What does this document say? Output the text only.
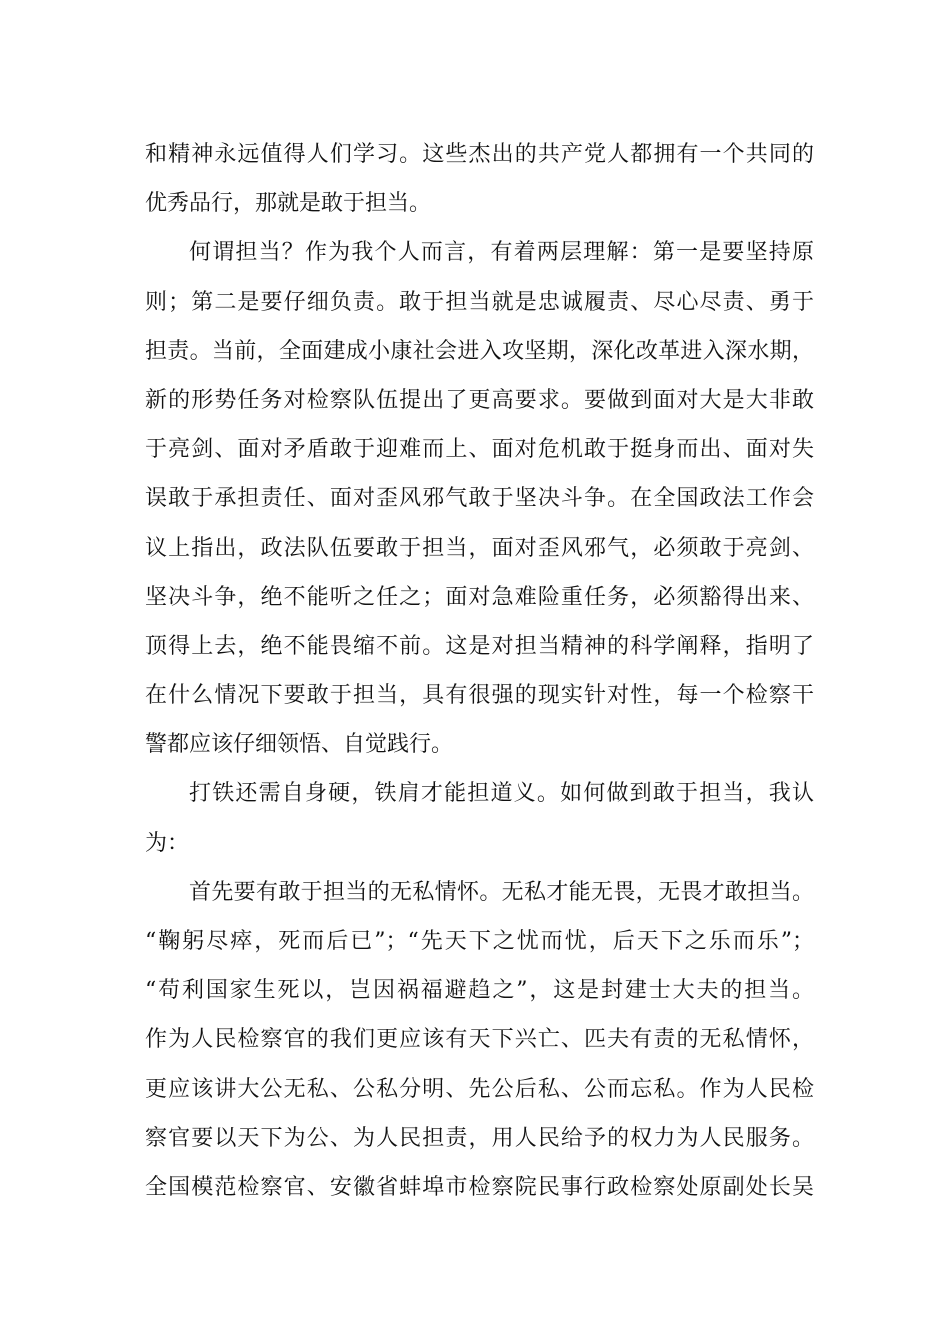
和精神永远值得人们学习。这些杰出的共产党人都拥有一个共同的
优秀品行，那就是敢于担当。
何谓担当？作为我个人而言，有着两层理解：第一是要坚持原
则；第二是要仔细负责。敢于担当就是忠诚履责、尽心尽责、勇于
担责。当前，全面建成小康社会进入攻坚期，深化改革进入深水期，
新的形势任务对检察队伍提出了更高要求。要做到面对大是大非敢
于亮剑、面对矛盾敢于迎难而上、面对危机敢于挺身而出、面对失
误敢于承担责任、面对歪风邪气敢于坚决斗争。在全国政法工作会
议上指出，政法队伍要敢于担当，面对歪风邪气，必须敢于亮剑、
坚决斗争，绝不能听之任之；面对急难险重任务，必须豁得出来、
顶得上去，绝不能畏缩不前。这是对担当精神的科学阐释，指明了
在什么情况下要敢于担当，具有很强的现实针对性，每一个检察干
警都应该仔细领悟、自觉践行。
打铁还需自身硬，铁肩才能担道义。如何做到敢于担当，我认
为：
首先要有敢于担当的无私情怀。无私才能无畏，无畏才敢担当。
“鞠躬尽瘁，死而后已”；“先天下之忧而忧，后天下之乐而乐”；
“苟利国家生死以，岂因祸福避趋之”，这是封建士大夫的担当。
作为人民检察官的我们更应该有天下兴亡、匹夫有责的无私情怀，
更应该讲大公无私、公私分明、先公后私、公而忘私。作为人民检
察官要以天下为公、为人民担责，用人民给予的权力为人民服务。
全国模范检察官、安徽省蚌埠市检察院民事行政检察处原副处长吴
